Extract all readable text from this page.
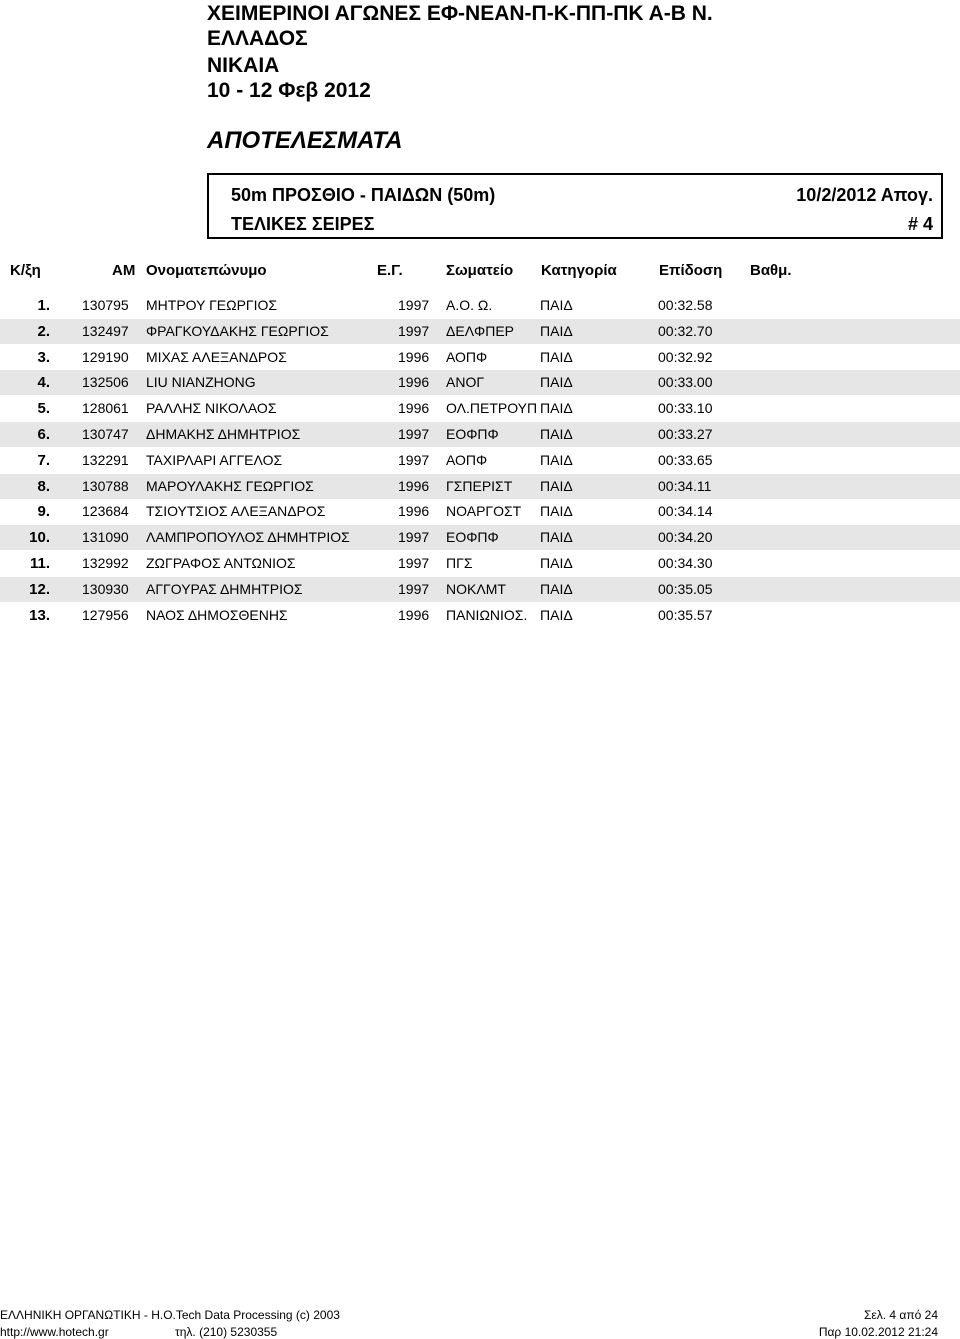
ΧΕΙΜΕΡΙΝΟΙ ΑΓΩΝΕΣ ΕΦ-ΝΕΑΝ-Π-Κ-ΠΠ-ΠΚ Α-Β Ν.
ΕΛΛΑΔΟΣ
ΝΙΚΑΙΑ
10 - 12 Φεβ 2012
ΑΠΟΤΕΛΕΣΜΑΤΑ
50m ΠΡΟΣΘΙΟ - ΠΑΙΔΩΝ (50m)	10/2/2012 Απογ.
ΤΕΛΙΚΕΣ ΣΕΙΡΕΣ	# 4
Κ/ξη	ΑΜ Ονοματεπώνυμο	Ε.Γ.	Σωματείο Κατηγορία	Επίδοση Βαθμ.
1. 130795 ΜΗΤΡΟΥ ΓΕΩΡΓΙΟΣ	1997 Α.Ο. Ω.	ΠΑΙΔ	00:32.58
2. 132497 ΦΡΑΓΚΟΥΔΑΚΗΣ ΓΕΩΡΓΙΟΣ	1997 ΔΕΛΦΠΕΡ ΠΑΙΔ	00:32.70
3. 129190 ΜΙΧΑΣ ΑΛΕΞΑΝΔΡΟΣ	1996 ΑΟΠΦ	ΠΑΙΔ	00:32.92
4. 132506 LIU NIANZHONG	1996 ΑΝΟΓ	ΠΑΙΔ	00:33.00
5. 128061 ΡΑΛΛΗΣ ΝΙΚΟΛΑΟΣ	1996 ΟΛ.ΠΕΤΡΟΥΠ ΠΑΙΔ	00:33.10
6. 130747 ΔΗΜΑΚΗΣ ΔΗΜΗΤΡΙΟΣ	1997 ΕΟΦΠΦ	ΠΑΙΔ	00:33.27
7. 132291 ΤΑΧΙΡΛΑΡΙ ΑΓΓΕΛΟΣ	1997 ΑΟΠΦ	ΠΑΙΔ	00:33.65
8. 130788 ΜΑΡΟΥΛΑΚΗΣ ΓΕΩΡΓΙΟΣ	1996 ΓΣΠΕΡΙΣΤ ΠΑΙΔ	00:34.11
9. 123684 ΤΣΙΟΥΤΣΙΟΣ ΑΛΕΞΑΝΔΡΟΣ	1996 ΝΟΑΡΓΟΣΤ ΠΑΙΔ	00:34.14
10. 131090 ΛΑΜΠΡΟΠΟΥΛΟΣ ΔΗΜΗΤΡΙΟΣ	1997 ΕΟΦΠΦ	ΠΑΙΔ	00:34.20
11. 132992 ΖΩΓΡΑΦΟΣ ΑΝΤΩΝΙΟΣ	1997 ΠΓΣ	ΠΑΙΔ	00:34.30
12. 130930 ΑΓΓΟΥΡΑΣ ΔΗΜΗΤΡΙΟΣ	1997 ΝΟΚΛΜΤ ΠΑΙΔ	00:35.05
13. 127956 ΝΑΟΣ ΔΗΜΟΣΘΕΝΗΣ	1996 ΠΑΝΙΩΝΙΟΣ. ΠΑΙΔ	00:35.57
ΕΛΛΗΝΙΚΗ ΟΡΓΑΝΩΤΙΚΗ - Η.Ο.Tech Data Processing (c) 2003
http://www.hotech.gr	τηλ. (210) 5230355
Σελ. 4 από 24
Παρ 10.02.2012 21:24
